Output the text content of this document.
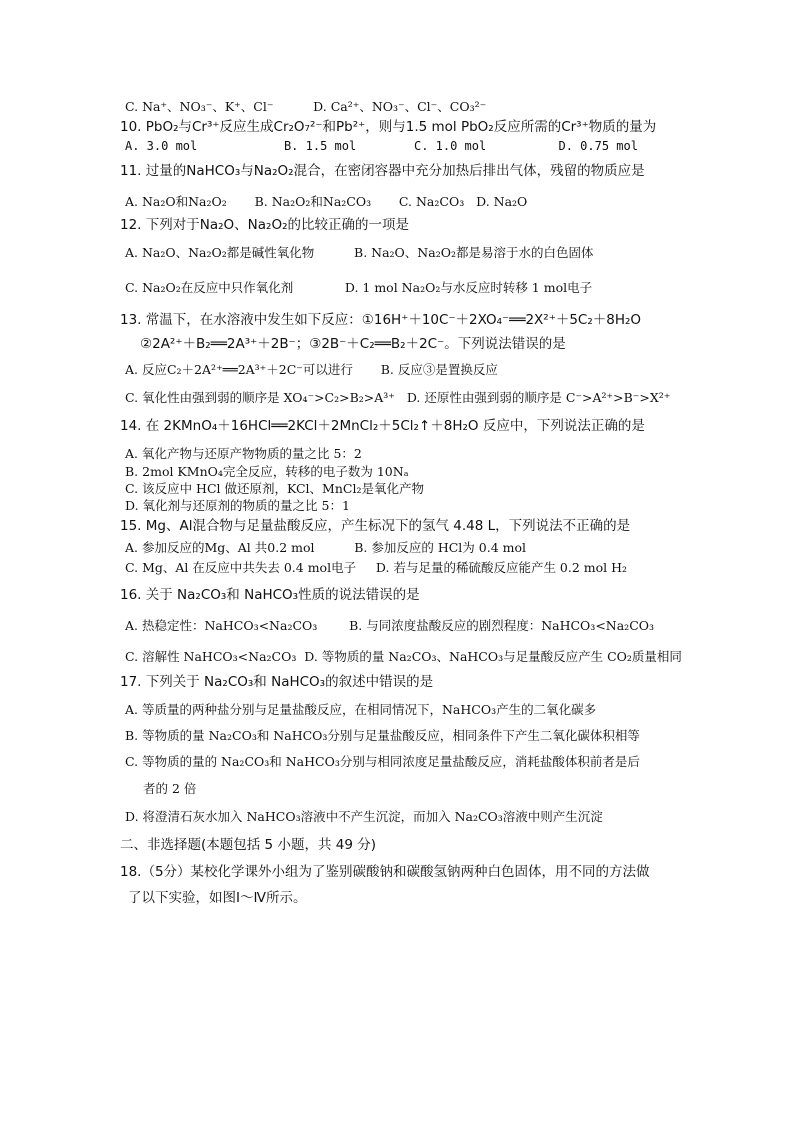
C. Na⁺、NO₃⁻、K⁺、Cl⁻          D. Ca²⁺、NO₃⁻、Cl⁻、CO₃²⁻
10. PbO₂与Cr³⁺反应生成Cr₂O₇²⁻和Pb²⁺，则与1.5 mol PbO₂反应所需的Cr³⁺物质的量为
A. 3.0 mol            B. 1.5 mol        C. 1.0 mol          D. 0.75 mol
11. 过量的NaHCO₃与Na₂O₂混合，在密闭容器中充分加热后排出气体，残留的物质应是
A. Na₂O和Na₂O₂       B. Na₂O₂和Na₂CO₃       C. Na₂CO₃   D. Na₂O
12. 下列对于Na₂O、Na₂O₂的比较正确的一项是
A. Na₂O、Na₂O₂都是碱性氧化物          B. Na₂O、Na₂O₂都是易溶于水的白色固体
C. Na₂O₂在反应中只作氧化剂             D. 1 mol Na₂O₂与水反应时转移 1 mol电子
13. 常温下，在水溶液中发生如下反应：①16H⁺＋10C⁻＋2XO₄⁻══2X²⁺＋5C₂＋8H₂O
②2A²⁺＋B₂══2A³⁺＋2B⁻；③2B⁻＋C₂══B₂＋2C⁻。下列说法错误的是
A. 反应C₂＋2A²⁺══2A³⁺＋2C⁻可以进行       B. 反应③是置换反应
C. 氧化性由强到弱的顺序是 XO₄⁻>C₂>B₂>A³⁺   D. 还原性由强到弱的顺序是 C⁻>A²⁺>B⁻>X²⁺
14. 在 2KMnO₄＋16HCl══2KCl＋2MnCl₂＋5Cl₂↑＋8H₂O 反应中，下列说法正确的是
A. 氧化产物与还原产物物质的量之比 5：2
B. 2mol KMnO₄完全反应，转移的电子数为 10Nₐ
C. 该反应中 HCl 做还原剂，KCl、MnCl₂是氧化产物
D. 氧化剂与还原剂的物质的量之比 5：1
15. Mg、Al混合物与足量盐酸反应，产生标况下的氢气 4.48 L，下列说法不正确的是
A. 参加反应的Mg、Al 共0.2 mol          B. 参加反应的 HCl为 0.4 mol
C. Mg、Al 在反应中共失去 0.4 mol电子     D. 若与足量的稀硫酸反应能产生 0.2 mol H₂
16. 关于 Na₂CO₃和 NaHCO₃性质的说法错误的是
A. 热稳定性：NaHCO₃<Na₂CO₃        B. 与同浓度盐酸反应的剧烈程度：NaHCO₃<Na₂CO₃
C. 溶解性 NaHCO₃<Na₂CO₃  D. 等物质的量 Na₂CO₃、NaHCO₃与足量酸反应产生 CO₂质量相同
17. 下列关于 Na₂CO₃和 NaHCO₃的叙述中错误的是
A. 等质量的两种盐分别与足量盐酸反应，在相同情况下，NaHCO₃产生的二氧化碳多
B. 等物质的量 Na₂CO₃和 NaHCO₃分别与足量盐酸反应，相同条件下产生二氧化碳体积相等
C. 等物质的量的 Na₂CO₃和 NaHCO₃分别与相同浓度足量盐酸反应，消耗盐酸体积前者是后
者的 2 倍
D. 将澄清石灰水加入 NaHCO₃溶液中不产生沉淀，而加入 Na₂CO₃溶液中则产生沉淀
二、非选择题(本题包括 5 小题，共 49 分)
18.（5分）某校化学课外小组为了鉴别碳酸钠和碳酸氢钠两种白色固体，用不同的方法做
了以下实验，如图Ⅰ～Ⅳ所示。
